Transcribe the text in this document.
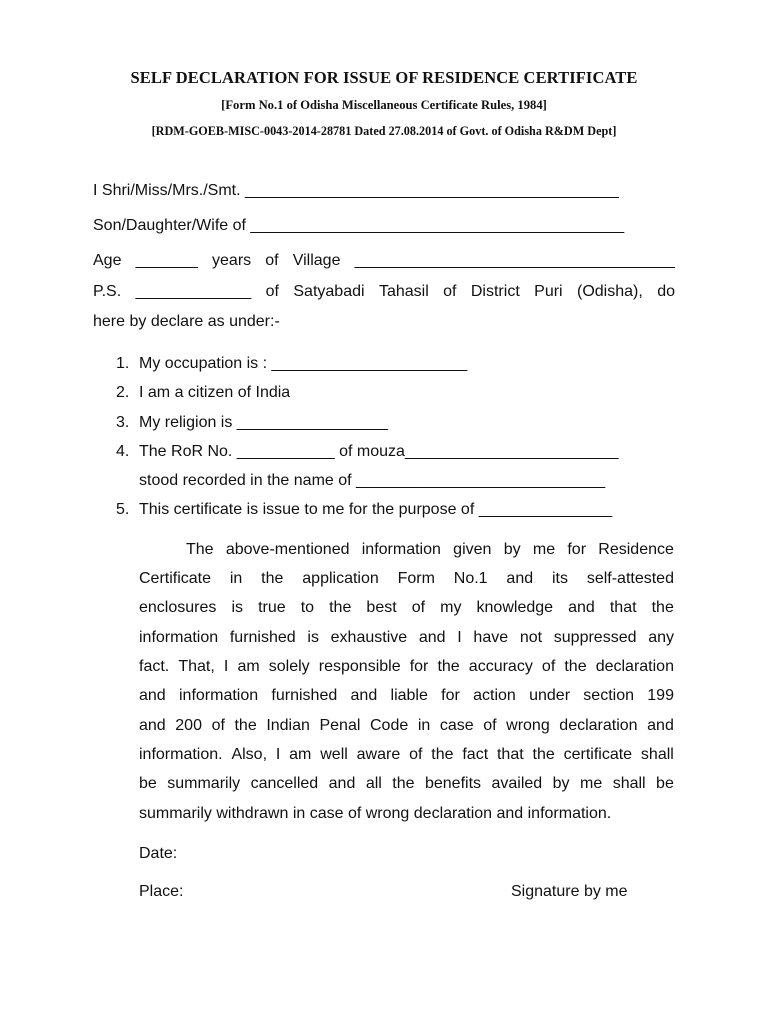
SELF DECLARATION FOR ISSUE OF RESIDENCE CERTIFICATE
[Form No.1 of Odisha Miscellaneous Certificate Rules, 1984]
[RDM-GOEB-MISC-0043-2014-28781 Dated 27.08.2014 of Govt. of Odisha R&DM Dept]
I Shri/Miss/Mrs./Smt. __________________________________________
Son/Daughter/Wife of __________________________________________
Age _______ years of Village ____________________________________
P.S. _____________ of Satyabadi Tahasil of District Puri (Odisha), do
here by declare as under:-
1. My occupation is : ______________________
2. I am a citizen of India
3. My religion is _________________
4. The RoR No. ___________ of mouza________________________
stood recorded in the name of ____________________________
5. This certificate is issue to me for the purpose of _______________
The above-mentioned information given by me for Residence
Certificate in the application Form No.1 and its self-attested
enclosures is true to the best of my knowledge and that the
information furnished is exhaustive and I have not suppressed any
fact. That, I am solely responsible for the accuracy of the declaration
and information furnished and liable for action under section 199
and 200 of the Indian Penal Code in case of wrong declaration and
information. Also, I am well aware of the fact that the certificate shall
be summarily cancelled and all the benefits availed by me shall be
summarily withdrawn in case of wrong declaration and information.
Date:
Place:	Signature by me
